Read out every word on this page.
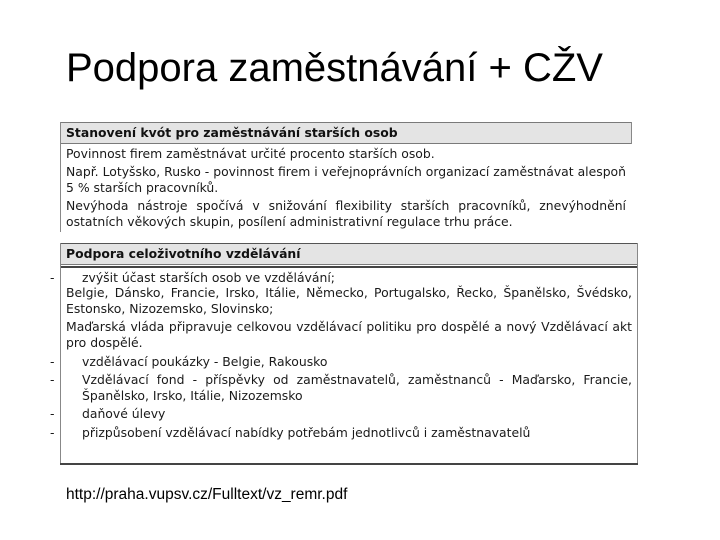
Podpora zaměstnávání + CŽV
Stanovení kvót pro zaměstnávání starších osob

Povinnost firem zaměstnávat určité procento starších osob.

Např. Lotyšsko, Rusko - povinnost firem i veřejnoprávních organizací zaměstnávat alespoň 5 % starších pracovníků.

Nevýhoda nástroje spočívá v snižování flexibility starších pracovníků, znevýhodnění ostatních věkových skupin, posílení administrativní regulace trhu práce.

Podpora celoživotního vzdělávání

- zvýšit účast starších osob ve vzdělávání;

Belgie, Dánsko, Francie, Irsko, Itálie, Německo, Portugalsko, Řecko, Španělsko, Švédsko, Estonsko, Nizozemsko, Slovinsko;

Maďarská vláda připravuje celkovou vzdělávací politiku pro dospělé a nový Vzdělávací akt pro dospělé.

- vzdělávací poukázky - Belgie, Rakousko

- Vzdělávací fond - příspěvky od zaměstnavatelů, zaměstnanců - Maďarsko, Francie, Španělsko, Irsko, Itálie, Nizozemsko

- daňové úlevy

- přizpůsobení vzdělávací nabídky potřebám jednotlivců i zaměstnavatelů

http://praha.vupsv.cz/Fulltext/vz_remr.pdf
